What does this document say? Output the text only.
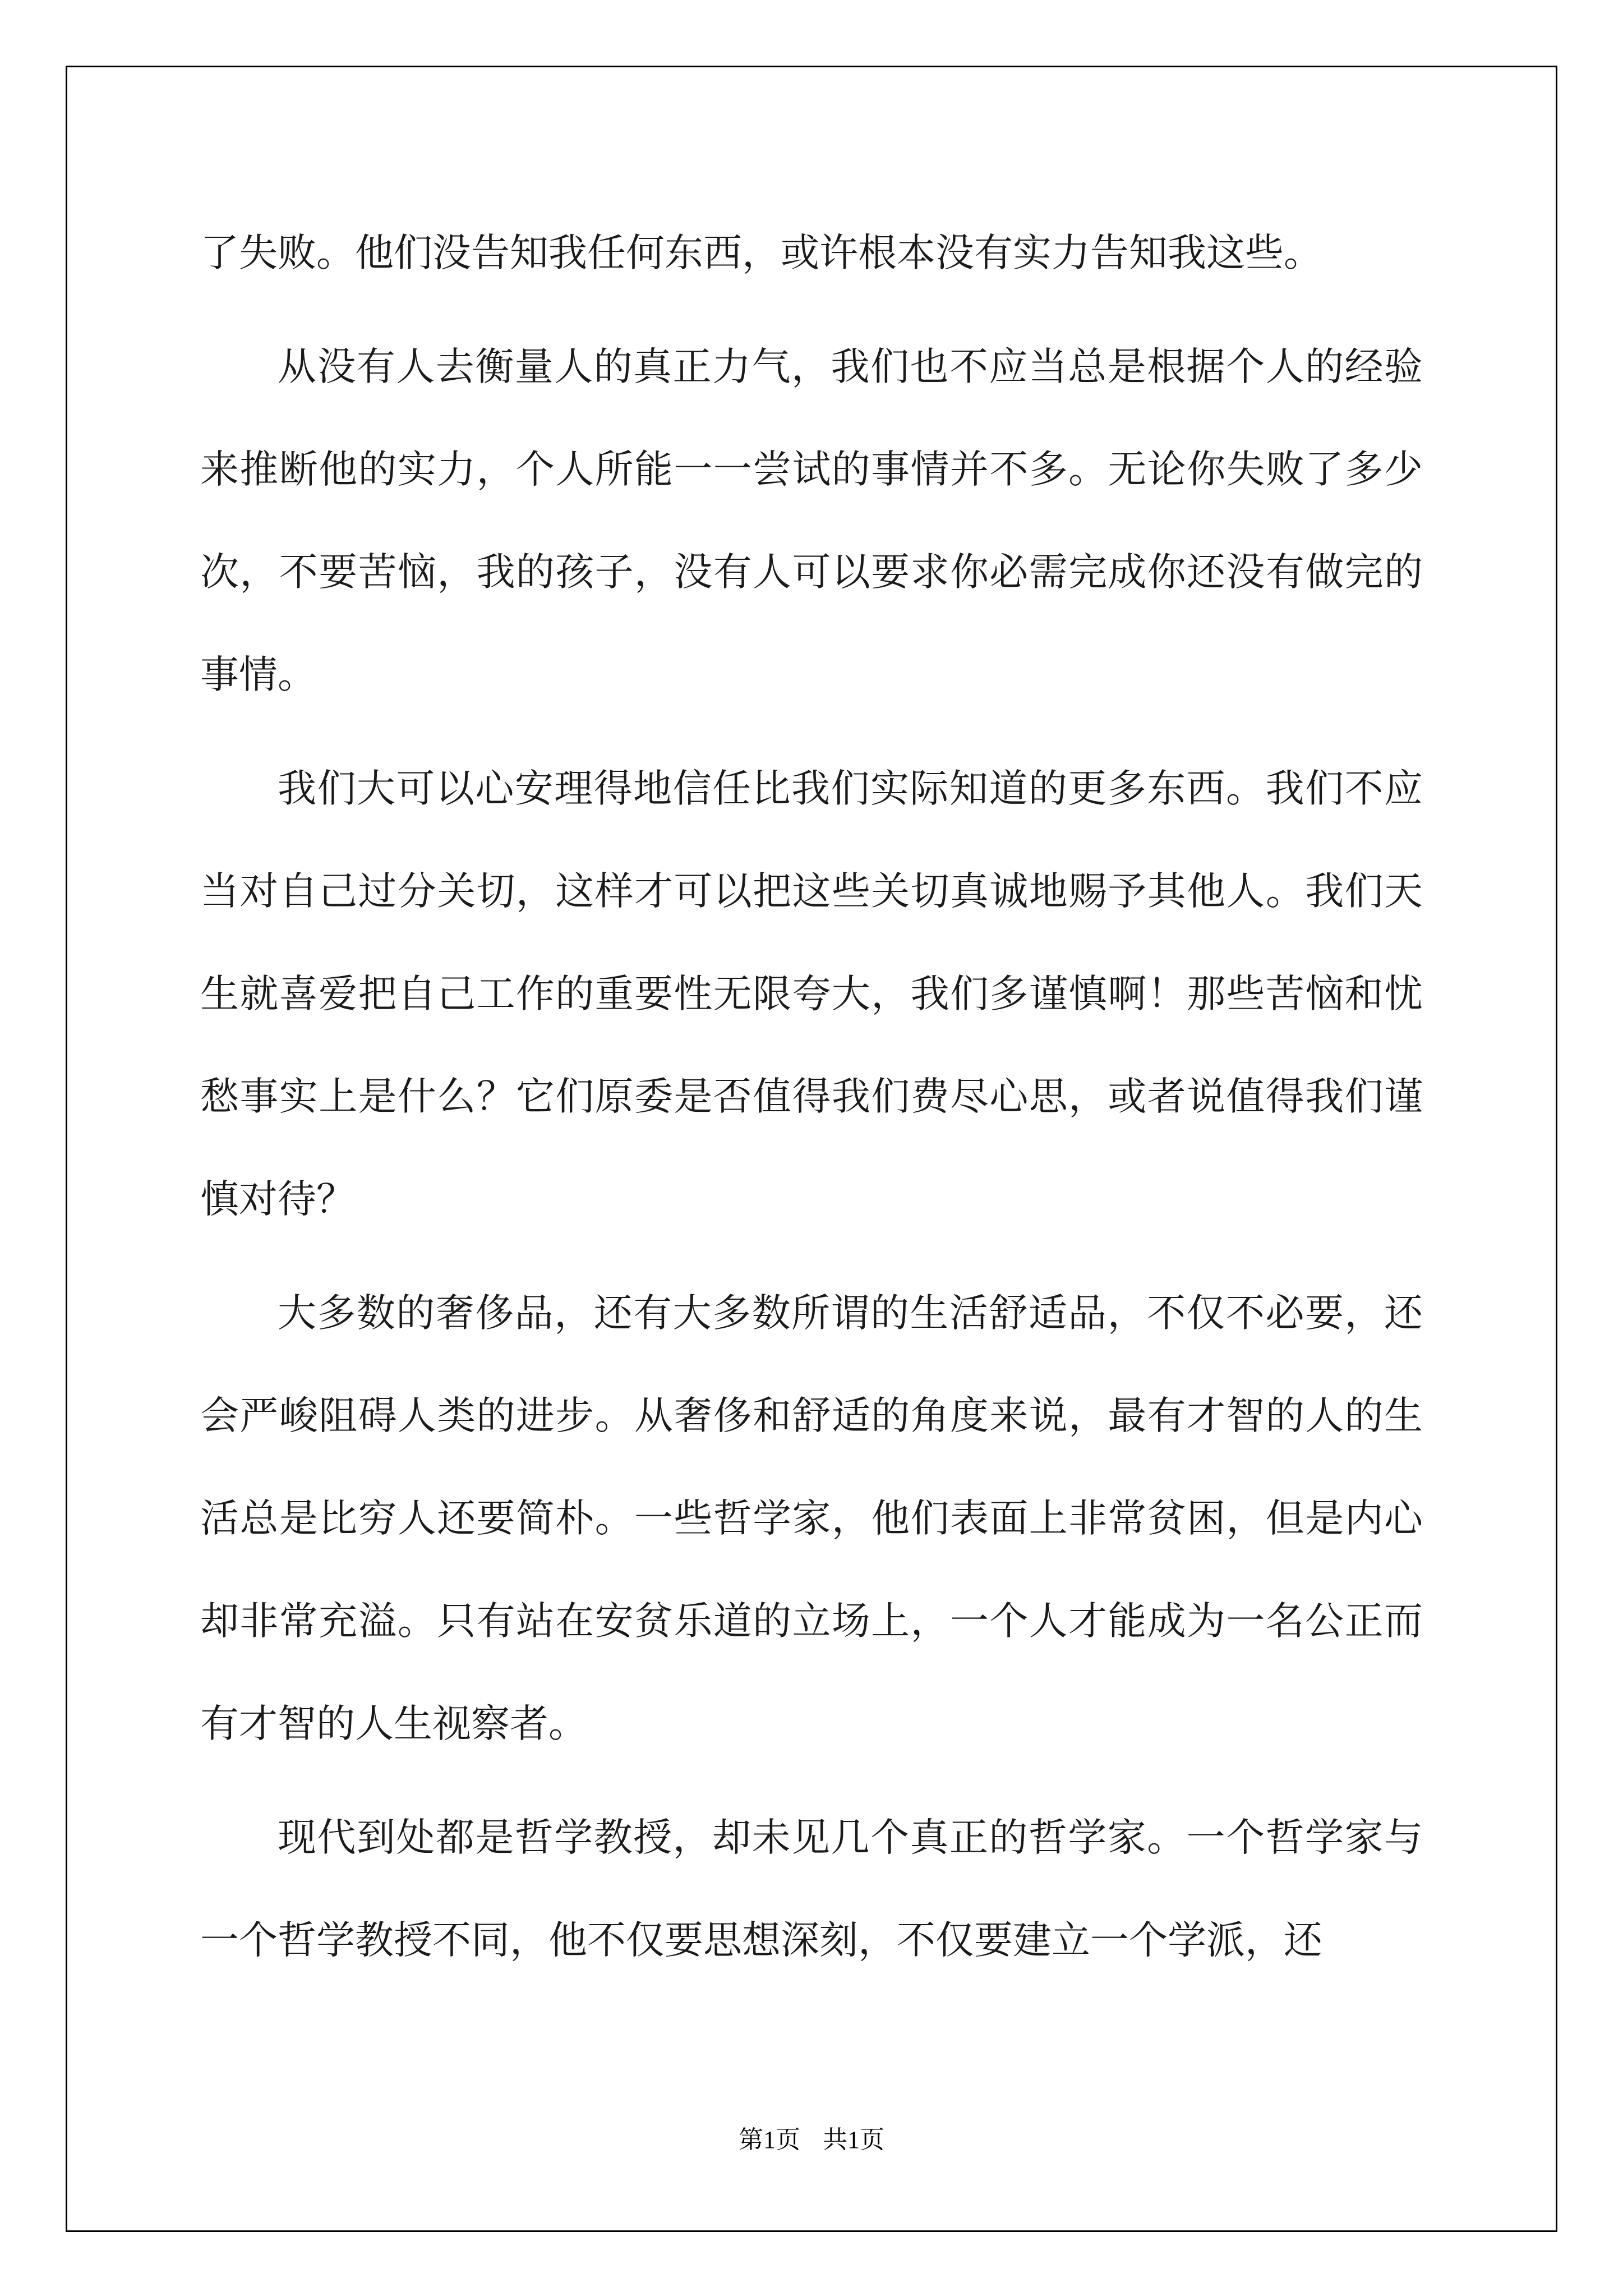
了失败。他们没告知我任何东西，或许根本没有实力告知我这些。

从没有人去衡量人的真正力气，我们也不应当总是根据个人的经验来推断他的实力，个人所能一一尝试的事情并不多。无论你失败了多少次，不要苦恼，我的孩子，没有人可以要求你必需完成你还没有做完的事情。

我们大可以心安理得地信任比我们实际知道的更多东西。我们不应当对自己过分关切，这样才可以把这些关切真诚地赐予其他人。我们天生就喜爱把自己工作的重要性无限夸大，我们多谨慎啊！那些苦恼和忧愁事实上是什么？它们原委是否值得我们费尽心思，或者说值得我们谨慎对待？

大多数的奢侈品，还有大多数所谓的生活舒适品，不仅不必要，还会严峻阻碍人类的进步。从奢侈和舒适的角度来说，最有才智的人的生活总是比穷人还要简朴。一些哲学家，他们表面上非常贫困，但是内心却非常充溢。只有站在安贫乐道的立场上，一个人才能成为一名公正而有才智的人生视察者。

现代到处都是哲学教授，却未见几个真正的哲学家。一个哲学家与一个哲学教授不同，他不仅要思想深刻，不仅要建立一个学派，还

第1页 共1页
